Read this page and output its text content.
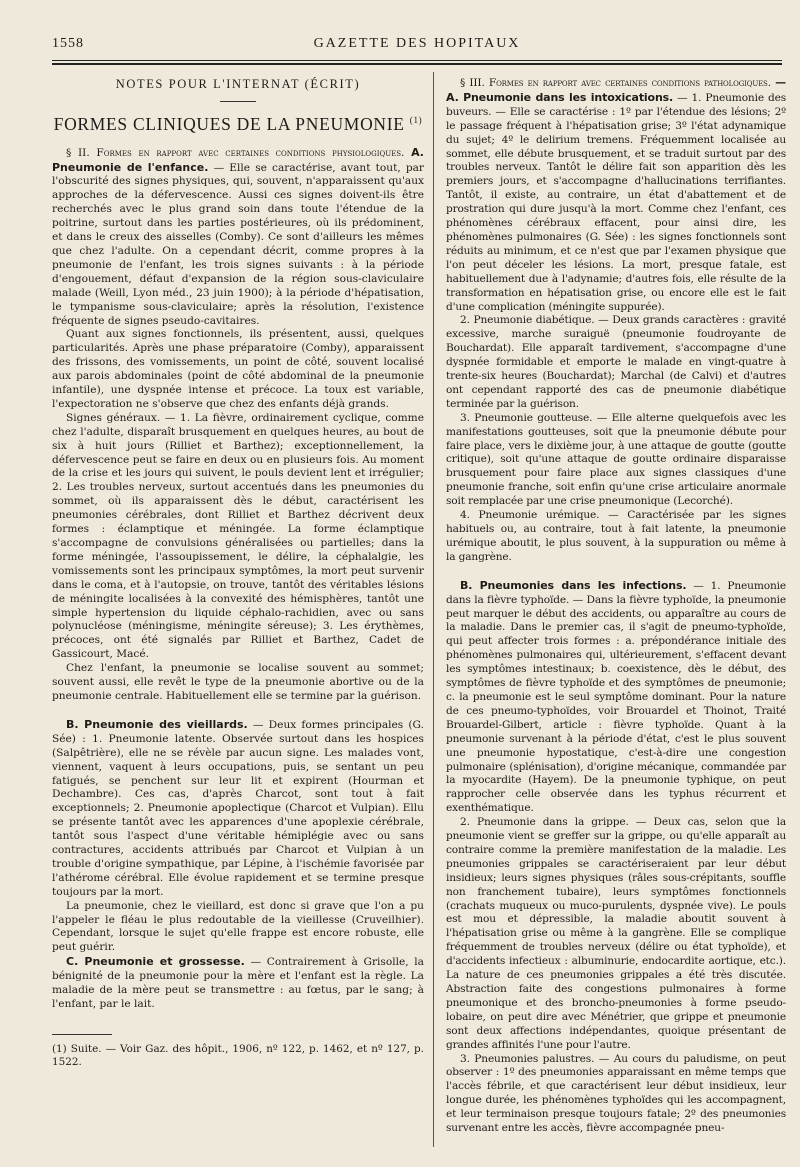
1558	GAZETTE DES HOPITAUX
NOTES POUR L'INTERNAT (ÉCRIT)
FORMES CLINIQUES DE LA PNEUMONIE $^{(1)}$

§ II. Formes en rapport avec certaines conditions physiologiques. A. Pneumonie de l'enfance. — Elle se caractérise, avant tout, par l'obscurité des signes physiques, qui, souvent, n'apparaissent qu'aux approches de la défervescence. Aussi ces signes doivent-ils être recherchés avec le plus grand soin dans toute l'étendue de la poitrine, surtout dans les parties postérieures, où ils prédominent, et dans le creux des aisselles (Comby). Ce sont d'ailleurs les mêmes que chez l'adulte. On a cependant décrit, comme propres à la pneumonie de l'enfant, les trois signes suivants : à la période d'engouement, défaut d'expansion de la région sous-claviculaire malade (Weill, Lyon méd., 23 juin 1900); à la période d'hépatisation, le tympanisme sous-claviculaire; après la résolution, l'existence fréquente de signes pseudo-cavitaires.

Quant aux signes fonctionnels, ils présentent, aussi, quelques particularités. Après une phase préparatoire (Comby), apparaissent des frissons, des vomissements, un point de côté, souvent localisé aux parois abdominales (point de côté abdominal de la pneumonie infantile), une dyspnée intense et précoce. La toux est variable, l'expectoration ne s'observe que chez des enfants déjà grands.

Signes généraux. — 1. La fièvre, ordinairement cyclique, comme chez l'adulte, disparaît brusquement en quelques heures, au bout de six à huit jours (Rilliet et Barthez); exceptionnellement, la défervescence peut se faire en deux ou en plusieurs fois. Au moment de la crise et les jours qui suivent, le pouls devient lent et irrégulier; 2. Les troubles nerveux, surtout accentués dans les pneumonies du sommet, où ils apparaissent dès le début, caractérisent les pneumonies cérébrales, dont Rilliet et Barthez décrivent deux formes : éclamptique et méningée. La forme éclamptique s'accompagne de convulsions généralisées ou partielles; dans la forme méningée, l'assoupissement, le délire, la céphalalgie, les vomissements sont les principaux symptômes, la mort peut survenir dans le coma, et à l'autopsie, on trouve, tantôt des véritables lésions de méningite localisées à la convexité des hémisphères, tantôt une simple hypertension du liquide céphalo-rachidien, avec ou sans polynucléose (méningisme, méningite séreuse); 3. Les érythèmes, précoces, ont été signalés par Rilliet et Barthez, Cadet de Gassicourt, Macé.

Chez l'enfant, la pneumonie se localise souvent au sommet; souvent aussi, elle revêt le type de la pneumonie abortive ou de la pneumonie centrale. Habituellement elle se termine par la guérison.

B. Pneumonie des vieillards. — Deux formes principales (G. Sée) : 1. Pneumonie latente. Observée surtout dans les hospices (Salpêtrière), elle ne se révèle par aucun signe. Les malades vont, viennent, vaquent à leurs occupations, puis, se sentant un peu fatigués, se penchent sur leur lit et expirent (Hourman et Dechambre). Ces cas, d'après Charcot, sont tout à fait exceptionnels; 2. Pneumonie apoplectique (Charcot et Vulpian). Ellu se présente tantôt avec les apparences d'une apoplexie cérébrale, tantôt sous l'aspect d'une véritable hémiplégie avec ou sans contractures, accidents attribués par Charcot et Vulpian à un trouble d'origine sympathique, par Lépine, à l'ischémie favorisée par l'athérome cérébral. Elle évolue rapidement et se termine presque toujours par la mort.

La pneumonie, chez le vieillard, est donc si grave que l'on a pu l'appeler le fléau le plus redoutable de la vieillesse (Cruveilhier). Cependant, lorsque le sujet qu'elle frappe est encore robuste, elle peut guérir.

C. Pneumonie et grossesse. — Contrairement à Grisolle, la bénignité de la pneumonie pour la mère et l'enfant est la règle. La maladie de la mère peut se transmettre : au fœtus, par le sang; à l'enfant, par le lait.

(1) Suite. — Voir Gaz. des hôpit., 1906, nº 122, p. 1462, et nº 127, p. 1522.

§ III. Formes en rapport avec certaines conditions pathologiques. — A. Pneumonie dans les intoxications. — 1. Pneumonie des buveurs. — Elle se caractérise : 1º par l'étendue des lésions; 2º le passage fréquent à l'hépatisation grise; 3º l'état adynamique du sujet; 4º le delirium tremens. Fréquemment localisée au sommet, elle débute brusquement, et se traduit surtout par des troubles nerveux. Tantôt le délire fait son apparition dès les premiers jours, et s'accompagne d'hallucinations terrifiantes. Tantôt, il existe, au contraire, un état d'abattement et de prostration qui dure jusqu'à la mort. Comme chez l'enfant, ces phénomènes cérébraux effacent, pour ainsi dire, les phénomènes pulmonaires (G. Sée) : les signes fonctionnels sont réduits au minimum, et ce n'est que par l'examen physique que l'on peut déceler les lésions. La mort, presque fatale, est habituellement due à l'adynamie; d'autres fois, elle résulte de la transformation en hépatisation grise, ou encore elle est le fait d'une complication (méningite suppurée).

2. Pneumonie diabétique. — Deux grands caractères : gravité excessive, marche suraiguë (pneumonie foudroyante de Bouchardat). Elle apparaît tardivement, s'accompagne d'une dyspnée formidable et emporte le malade en vingt-quatre à trente-six heures (Bouchardat); Marchal (de Calvi) et d'autres ont cependant rapporté des cas de pneumonie diabétique terminée par la guérison.

3. Pneumonie goutteuse. — Elle alterne quelquefois avec les manifestations goutteuses, soit que la pneumonie débute pour faire place, vers le dixième jour, à une attaque de goutte (goutte critique), soit qu'une attaque de goutte ordinaire disparaisse brusquement pour faire place aux signes classiques d'une pneumonie franche, soit enfin qu'une crise articulaire anormale soit remplacée par une crise pneumonique (Lecorché).

4. Pneumonie urémique. — Caractérisée par les signes habituels ou, au contraire, tout à fait latente, la pneumonie urémique aboutit, le plus souvent, à la suppuration ou même à la gangrène.

B. Pneumonies dans les infections. — 1. Pneumonie dans la fièvre typhoïde. — Dans la fièvre typhoïde, la pneumonie peut marquer le début des accidents, ou apparaître au cours de la maladie. Dans le premier cas, il s'agit de pneumo-typhoïde, qui peut affecter trois formes : a. prépondérance initiale des phénomènes pulmonaires qui, ultérieurement, s'effacent devant les symptômes intestinaux; b. coexistence, dès le début, des symptômes de fièvre typhoïde et des symptômes de pneumonie; c. la pneumonie est le seul symptôme dominant. Pour la nature de ces pneumo-typhoïdes, voir Brouardel et Thoinot, Traité Brouardel-Gilbert, article : fièvre typhoïde. Quant à la pneumonie survenant à la période d'état, c'est le plus souvent une pneumonie hypostatique, c'est-à-dire une congestion pulmonaire (splénisation), d'origine mécanique, commandée par la myocardite (Hayem). De la pneumonie typhique, on peut rapprocher celle observée dans les typhus récurrent et exenthématique.

2. Pneumonie dans la grippe. — Deux cas, selon que la pneumonie vient se greffer sur la grippe, ou qu'elle apparaît au contraire comme la première manifestation de la maladie. Les pneumonies grippales se caractériseraient par leur début insidieux; leurs signes physiques (râles sous-crépitants, souffle non franchement tubaire), leurs symptômes fonctionnels (crachats muqueux ou muco-purulents, dyspnée vive). Le pouls est mou et dépressible, la maladie aboutit souvent à l'hépatisation grise ou même à la gangrène. Elle se complique fréquemment de troubles nerveux (délire ou état typhoïde), et d'accidents infectieux : albuminurie, endocardite aortique, etc.). La nature de ces pneumonies grippales a été très discutée. Abstraction faite des congestions pulmonaires à forme pneumonique et des broncho-pneumonies à forme pseudo-lobaire, on peut dire avec Ménétrier, que grippe et pneumonie sont deux affections indépendantes, quoique présentant de grandes affinités l'une pour l'autre.

3. Pneumonies palustres. — Au cours du paludisme, on peut observer : 1º des pneumonies apparaissant en même temps que l'accès fébrile, et que caractérisent leur début insidieux, leur longue durée, les phénomènes typhoïdes qui les accompagnent, et leur terminaison presque toujours fatale; 2º des pneumonies survenant entre les accès, fièvre accompagnée pneu-
